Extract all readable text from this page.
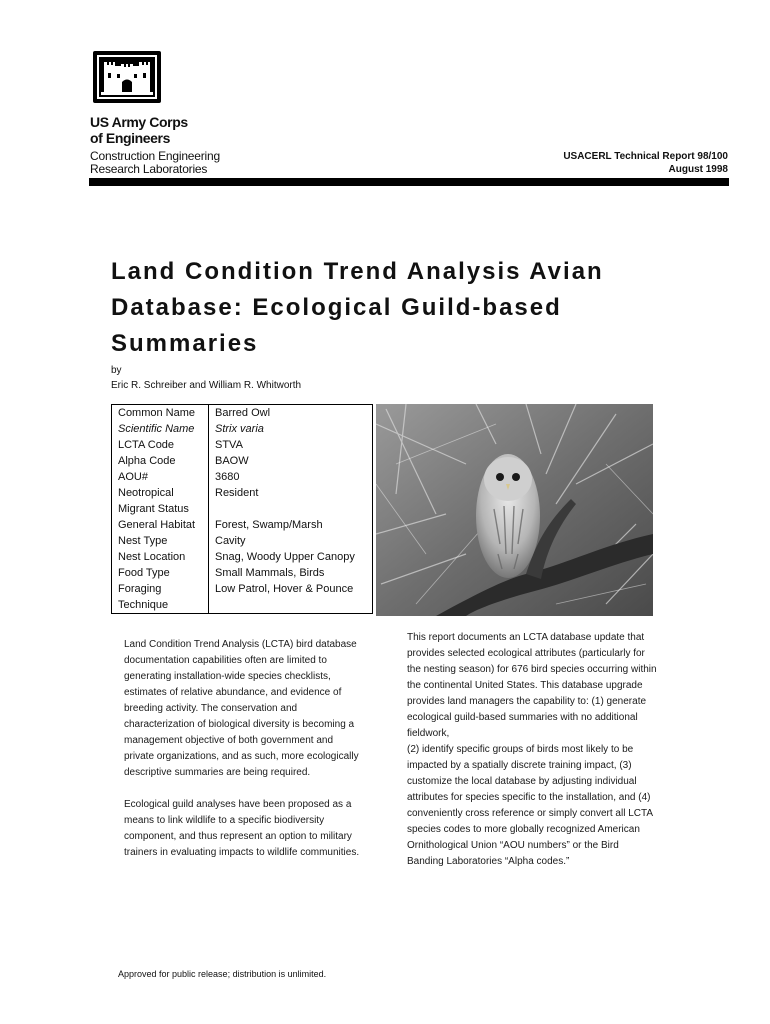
US Army Corps
of Engineers
Construction Engineering
Research Laboratories
USACERL Technical Report 98/100
August 1998
Land Condition Trend Analysis Avian
Database: Ecological Guild-based
Summaries
by
Eric R. Schreiber and William R. Whitworth
Common Name	Barred Owl
Scientific Name	Strix varia
LCTA Code	STVA
Alpha Code	BAOW
AOU#	3680
Neotropical Migrant Status	Resident
General Habitat	Forest, Swamp/Marsh
Nest Type	Cavity
Nest Location	Snag, Woody Upper Canopy
Food Type	Small Mammals, Birds
Foraging Technique	Low Patrol, Hover & Pounce

Land Condition Trend Analysis (LCTA) bird database documentation capabilities often are limited to generating installation-wide species checklists, estimates of relative abundance, and evidence of breeding activity. The conservation and characterization of biological diversity is becoming a management objective of both government and private organizations, and as such, more ecologically descriptive summaries are being required.

Ecological guild analyses have been proposed as a means to link wildlife to a specific biodiversity component, and thus represent an option to military trainers in evaluating impacts to wildlife communities.

This report documents an LCTA database update that provides selected ecological attributes (particularly for the nesting season) for 676 bird species occurring within the continental United States. This database upgrade provides land managers the capability to: (1) generate ecological guild-based summaries with no additional fieldwork,
(2) identify specific groups of birds most likely to be impacted by a spatially discrete training impact, (3) customize the local database by adjusting individual attributes for species specific to the installation, and (4) conveniently cross reference or simply convert all LCTA species codes to more globally recognized American Ornithological Union “AOU numbers” or the Bird Banding Laboratories “Alpha codes.”
Approved for public release; distribution is unlimited.
